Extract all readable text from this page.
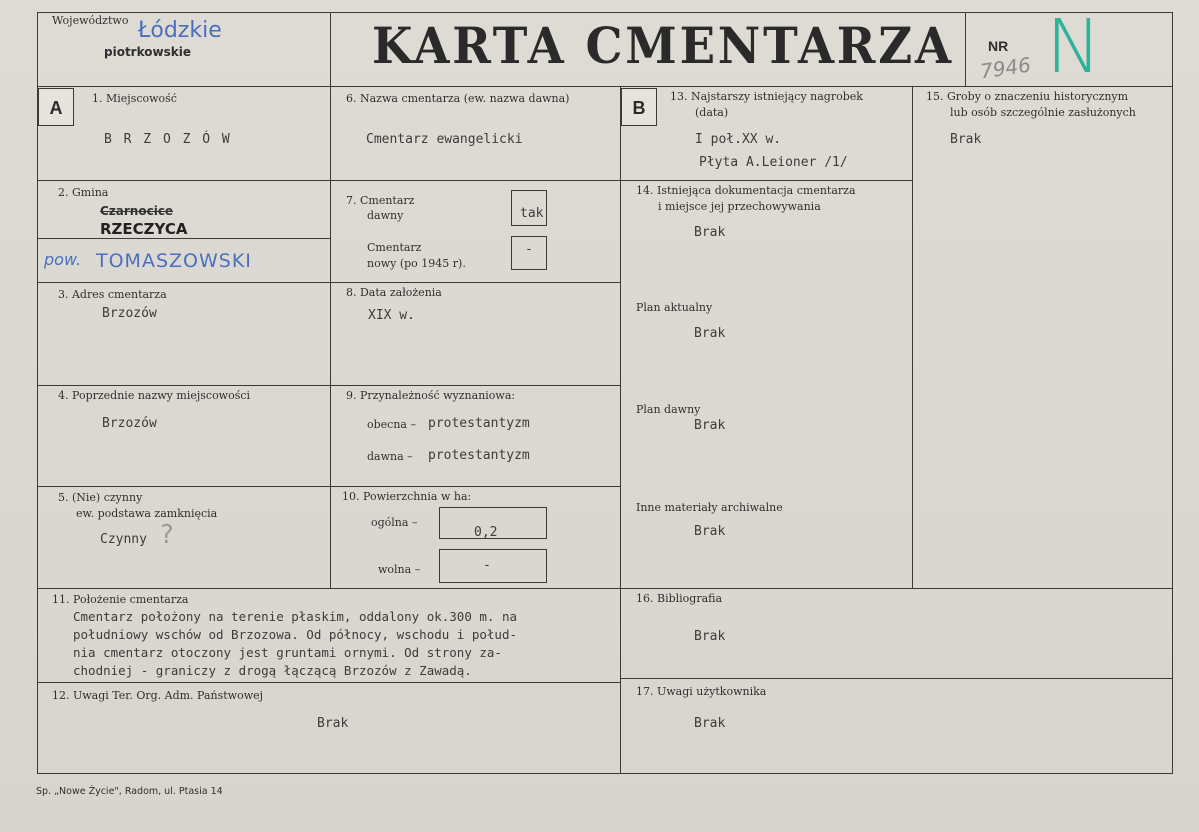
Województwo Łódzkie
piotrkowskie	KARTA CMENTARZA NR
7946 N
A	B
1. Miejscowość
B R Z O Z Ó W
2. Gmina
Czarnocice
RZECZYCA
pow. TOMASZOWSKI
3. Adres cmentarza
Brzozów
4. Poprzednie nazwy miejscowości
Brzozów
5. (Nie) czynny
ew. podstawa zamknięcia
Czynny ?
6. Nazwa cmentarza (ew. nazwa dawna)
Cmentarz ewangelicki
7. Cmentarz
dawny	tak
Cmentarz
nowy (po 1945 r).
-
8. Data założenia
XIX w.
9. Przynależność wyznaniowa:
obecna – protestantyzm
dawna – protestantyzm
10. Powierzchnia w ha:
ogólna –
0,2
wolna –	-
11. Położenie cmentarza
Cmentarz położony na terenie płaskim, oddalony ok.300 m. na
południowy wschów od Brzozowa. Od północy, wschodu i połud-
nia cmentarz otoczony jest gruntami ornymi. Od strony za-
chodniej - graniczy z drogą łączącą Brzozów z Zawadą.
12. Uwagi Ter. Org. Adm. Państwowej
Brak
13. Najstarszy istniejący nagrobek
(data)
I poł.XX w.
Płyta A.Leioner /1/
14. Istniejąca dokumentacja cmentarza
i miejsce jej przechowywania
Brak
Plan aktualny
Brak
Plan dawny
Brak
Inne materiały archiwalne
Brak
15. Groby o znaczeniu historycznym
lub osób szczególnie zasłużonych
Brak
16. Bibliografia
Brak
17. Uwagi użytkownika
Brak
Sp. „Nowe Życie", Radom, ul. Ptasia 14
